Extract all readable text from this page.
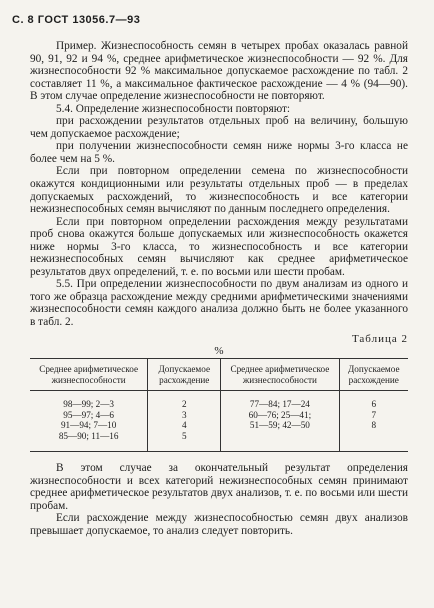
С. 8 ГОСТ 13056.7—93

Пример. Жизнеспособность семян в четырех пробах оказалась равной 90, 91, 92 и 94 %, среднее арифметическое жизнеспособности — 92 %. Для жизнеспособности 92 % максимальное допускаемое расхождение по табл. 2 составляет 11 %, а максимальное фактическое расхождение — 4 % (94—90). В этом случае определение жизнеспособности не повторяют.

5.4. Определение жизнеспособности повторяют:

при расхождении результатов отдельных проб на величину, большую чем допускаемое расхождение;

при получении жизнеспособности семян ниже нормы 3-го класса не более чем на 5 %.

Если при повторном определении семена по жизнеспособности окажутся кондиционными или результаты отдельных проб — в пределах допускаемых расхождений, то жизнеспособность и все категории нежизнеспособных семян вычисляют по данным последнего определения.

Если при повторном определении расхождения между результатами проб снова окажутся больше допускаемых или жизнеспособность окажется ниже нормы 3-го класса, то жизнеспособность и все категории нежизнеспособных семян вычисляют как среднее арифметическое результатов двух определений, т. е. по восьми или шести пробам.

5.5. При определении жизнеспособности по двум анализам из одного и того же образца расхождение между средними арифметическими значениями жизнеспособности семян каждого анализа должно быть не более указанного в табл. 2.

Таблица 2
%
Среднее арифметическое жизнеспособности	Допускаемое расхождение	Среднее арифметическое жизнеспособности	Допускаемое расхождение
98—99; 2—3	2	77—84; 17—24	6
95—97; 4—6	3	60—76; 25—41;	7
91—94; 7—10	4	51—59; 42—50	8
85—90; 11—16	5		

В этом случае за окончательный результат определения жизнеспособности и всех категорий нежизнеспособных семян принимают среднее арифметическое результатов двух анализов, т. е. по восьми или шести пробам.

Если расхождение между жизнеспособностью семян двух анализов превышает допускаемое, то анализ следует повторить.
